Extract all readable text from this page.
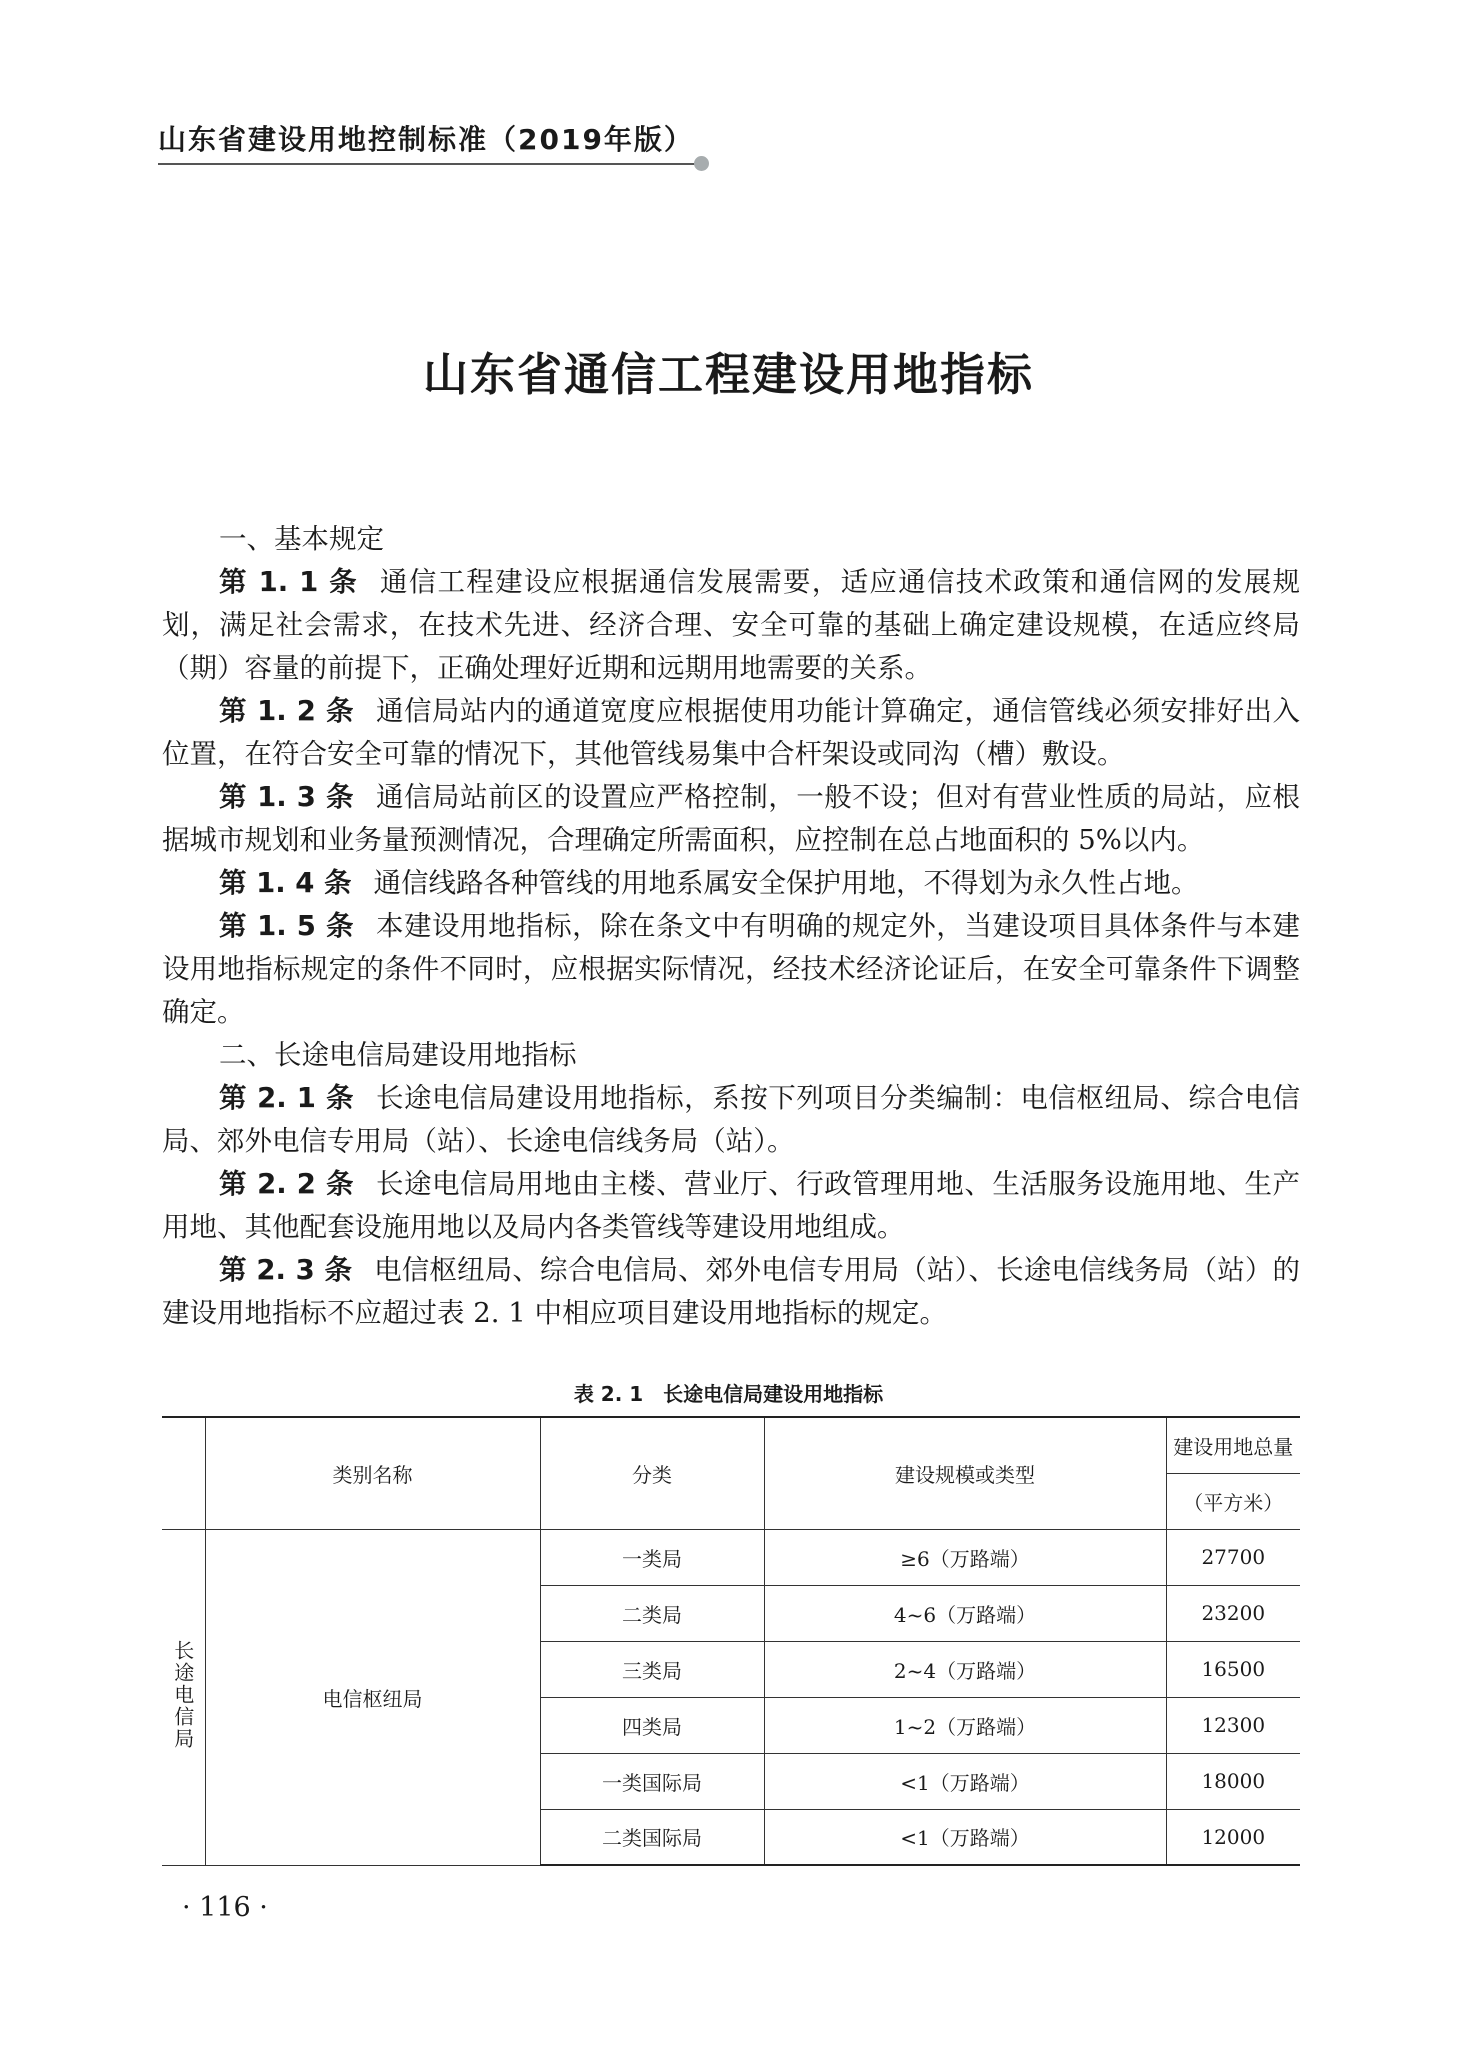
山东省建设用地控制标准（2019年版）
山东省通信工程建设用地指标
一、基本规定

第 1. 1 条 通信工程建设应根据通信发展需要，适应通信技术政策和通信网的发展规划，满足社会需求，在技术先进、经济合理、安全可靠的基础上确定建设规模，在适应终局（期）容量的前提下，正确处理好近期和远期用地需要的关系。

第 1. 2 条 通信局站内的通道宽度应根据使用功能计算确定，通信管线必须安排好出入位置，在符合安全可靠的情况下，其他管线易集中合杆架设或同沟（槽）敷设。

第 1. 3 条 通信局站前区的设置应严格控制，一般不设；但对有营业性质的局站，应根据城市规划和业务量预测情况，合理确定所需面积，应控制在总占地面积的 5%以内。

第 1. 4 条 通信线路各种管线的用地系属安全保护用地，不得划为永久性占地。

第 1. 5 条 本建设用地指标，除在条文中有明确的规定外，当建设项目具体条件与本建设用地指标规定的条件不同时，应根据实际情况，经技术经济论证后，在安全可靠条件下调整确定。

二、长途电信局建设用地指标

第 2. 1 条 长途电信局建设用地指标，系按下列项目分类编制：电信枢纽局、综合电信局、郊外电信专用局（站）、长途电信线务局（站）。

第 2. 2 条 长途电信局用地由主楼、营业厅、行政管理用地、生活服务设施用地、生产用地、其他配套设施用地以及局内各类管线等建设用地组成。

第 2. 3 条 电信枢纽局、综合电信局、郊外电信专用局（站）、长途电信线务局（站）的建设用地指标不应超过表 2. 1 中相应项目建设用地指标的规定。

表 2. 1　长途电信局建设用地指标
	类别名称	分类	建设规模或类型	建设用地总量
				（平方米）
长途电信局	电信枢纽局	一类局	≥6（万路端）	27700
		二类局	4~6（万路端）	23200
		三类局	2~4（万路端）	16500
		四类局	1~2（万路端）	12300
		一类国际局	<1（万路端）	18000
		二类国际局	<1（万路端）	12000
· 116 ·
